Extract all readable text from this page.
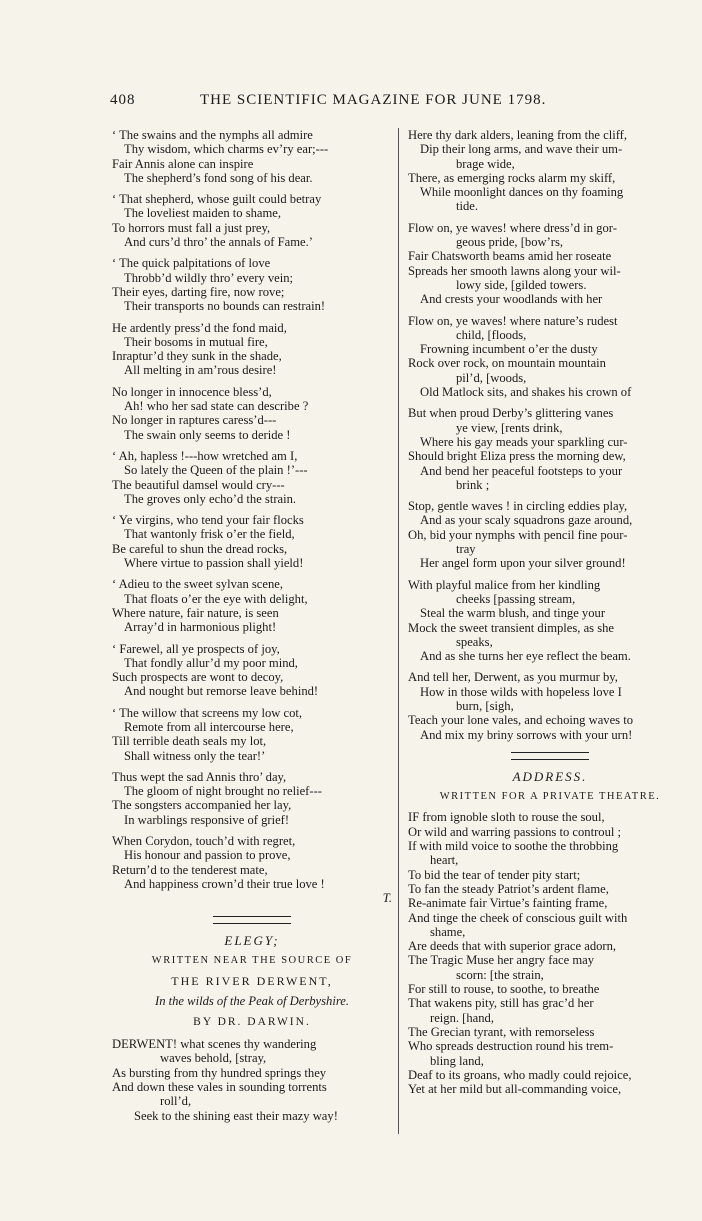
408	THE SCIENTIFIC MAGAZINE FOR JUNE 1798.
‘ The swains and the nymphs all admire
Thy wisdom, which charms ev’ry ear;---
Fair Annis alone can inspire
The shepherd’s fond song of his dear.
‘ That shepherd, whose guilt could betray
The loveliest maiden to shame,
To horrors must fall a just prey,
And curs’d thro’ the annals of Fame.’
‘ The quick palpitations of love
Throbb’d wildly thro’ every vein;
Their eyes, darting fire, now rove;
Their transports no bounds can restrain!
He ardently press’d the fond maid,
Their bosoms in mutual fire,
Inraptur’d they sunk in the shade,
All melting in am’rous desire!
No longer in innocence bless’d,
Ah! who her sad state can describe ?
No longer in raptures caress’d---
The swain only seems to deride !
‘ Ah, hapless !---how wretched am I,
So lately the Queen of the plain !’---
The beautiful damsel would cry---
The groves only echo’d the strain.
‘ Ye virgins, who tend your fair flocks
That wantonly frisk o’er the field,
Be careful to shun the dread rocks,
Where virtue to passion shall yield!
‘ Adieu to the sweet sylvan scene,
That floats o’er the eye with delight,
Where nature, fair nature, is seen
Array’d in harmonious plight!
‘ Farewel, all ye prospects of joy,
That fondly allur’d my poor mind,
Such prospects are wont to decoy,
And nought but remorse leave behind!
‘ The willow that screens my low cot,
Remote from all intercourse here,
Till terrible death seals my lot,
Shall witness only the tear!’
Thus wept the sad Annis thro’ day,
The gloom of night brought no relief---
The songsters accompanied her lay,
In warblings responsive of grief!
When Corydon, touch’d with regret,
His honour and passion to prove,
Return’d to the tenderest mate,
And happiness crown’d their true love !
T.
ELEGY;
WRITTEN NEAR THE SOURCE OF
THE RIVER DERWENT,
In the wilds of the Peak of Derbyshire.
BY DR. DARWIN.
DERWENT! what scenes thy wandering
waves behold, [stray,
As bursting from thy hundred springs they
And down these vales in sounding torrents
roll’d,
Seek to the shining east their mazy way!
Here thy dark alders, leaning from the cliff,
Dip their long arms, and wave their um-
brage wide,
There, as emerging rocks alarm my skiff,
While moonlight dances on thy foaming
tide.
Flow on, ye waves! where dress’d in gor-
geous pride, [bow’rs,
Fair Chatsworth beams amid her roseate
Spreads her smooth lawns along your wil-
lowy side, [gilded towers.
And crests your woodlands with her
Flow on, ye waves! where nature’s rudest
child, [floods,
Frowning incumbent o’er the dusty
Rock over rock, on mountain mountain
pil’d, [woods,
Old Matlock sits, and shakes his crown of
But when proud Derby’s glittering vanes
ye view, [rents drink,
Where his gay meads your sparkling cur-
Should bright Eliza press the morning dew,
And bend her peaceful footsteps to your
brink ;
Stop, gentle waves ! in circling eddies play,
And as your scaly squadrons gaze around,
Oh, bid your nymphs with pencil fine pour-
tray
Her angel form upon your silver ground!
With playful malice from her kindling
cheeks [passing stream,
Steal the warm blush, and tinge your
Mock the sweet transient dimples, as she
speaks,
And as she turns her eye reflect the beam.
And tell her, Derwent, as you murmur by,
How in those wilds with hopeless love I
burn, [sigh,
Teach your lone vales, and echoing waves to
And mix my briny sorrows with your urn!
ADDRESS.
WRITTEN FOR A PRIVATE THEATRE.
IF from ignoble sloth to rouse the soul,
Or wild and warring passions to controul ;
If with mild voice to soothe the throbbing
heart,
To bid the tear of tender pity start;
To fan the steady Patriot’s ardent flame,
Re-animate fair Virtue’s fainting frame,
And tinge the cheek of conscious guilt with
shame,
Are deeds that with superior grace adorn,
The Tragic Muse her angry face may
scorn: [the strain,
For still to rouse, to soothe, to breathe
That wakens pity, still has grac’d her
reign. [hand,
The Grecian tyrant, with remorseless
Who spreads destruction round his trem-
bling land,
Deaf to its groans, who madly could rejoice,
Yet at her mild but all-commanding voice,
